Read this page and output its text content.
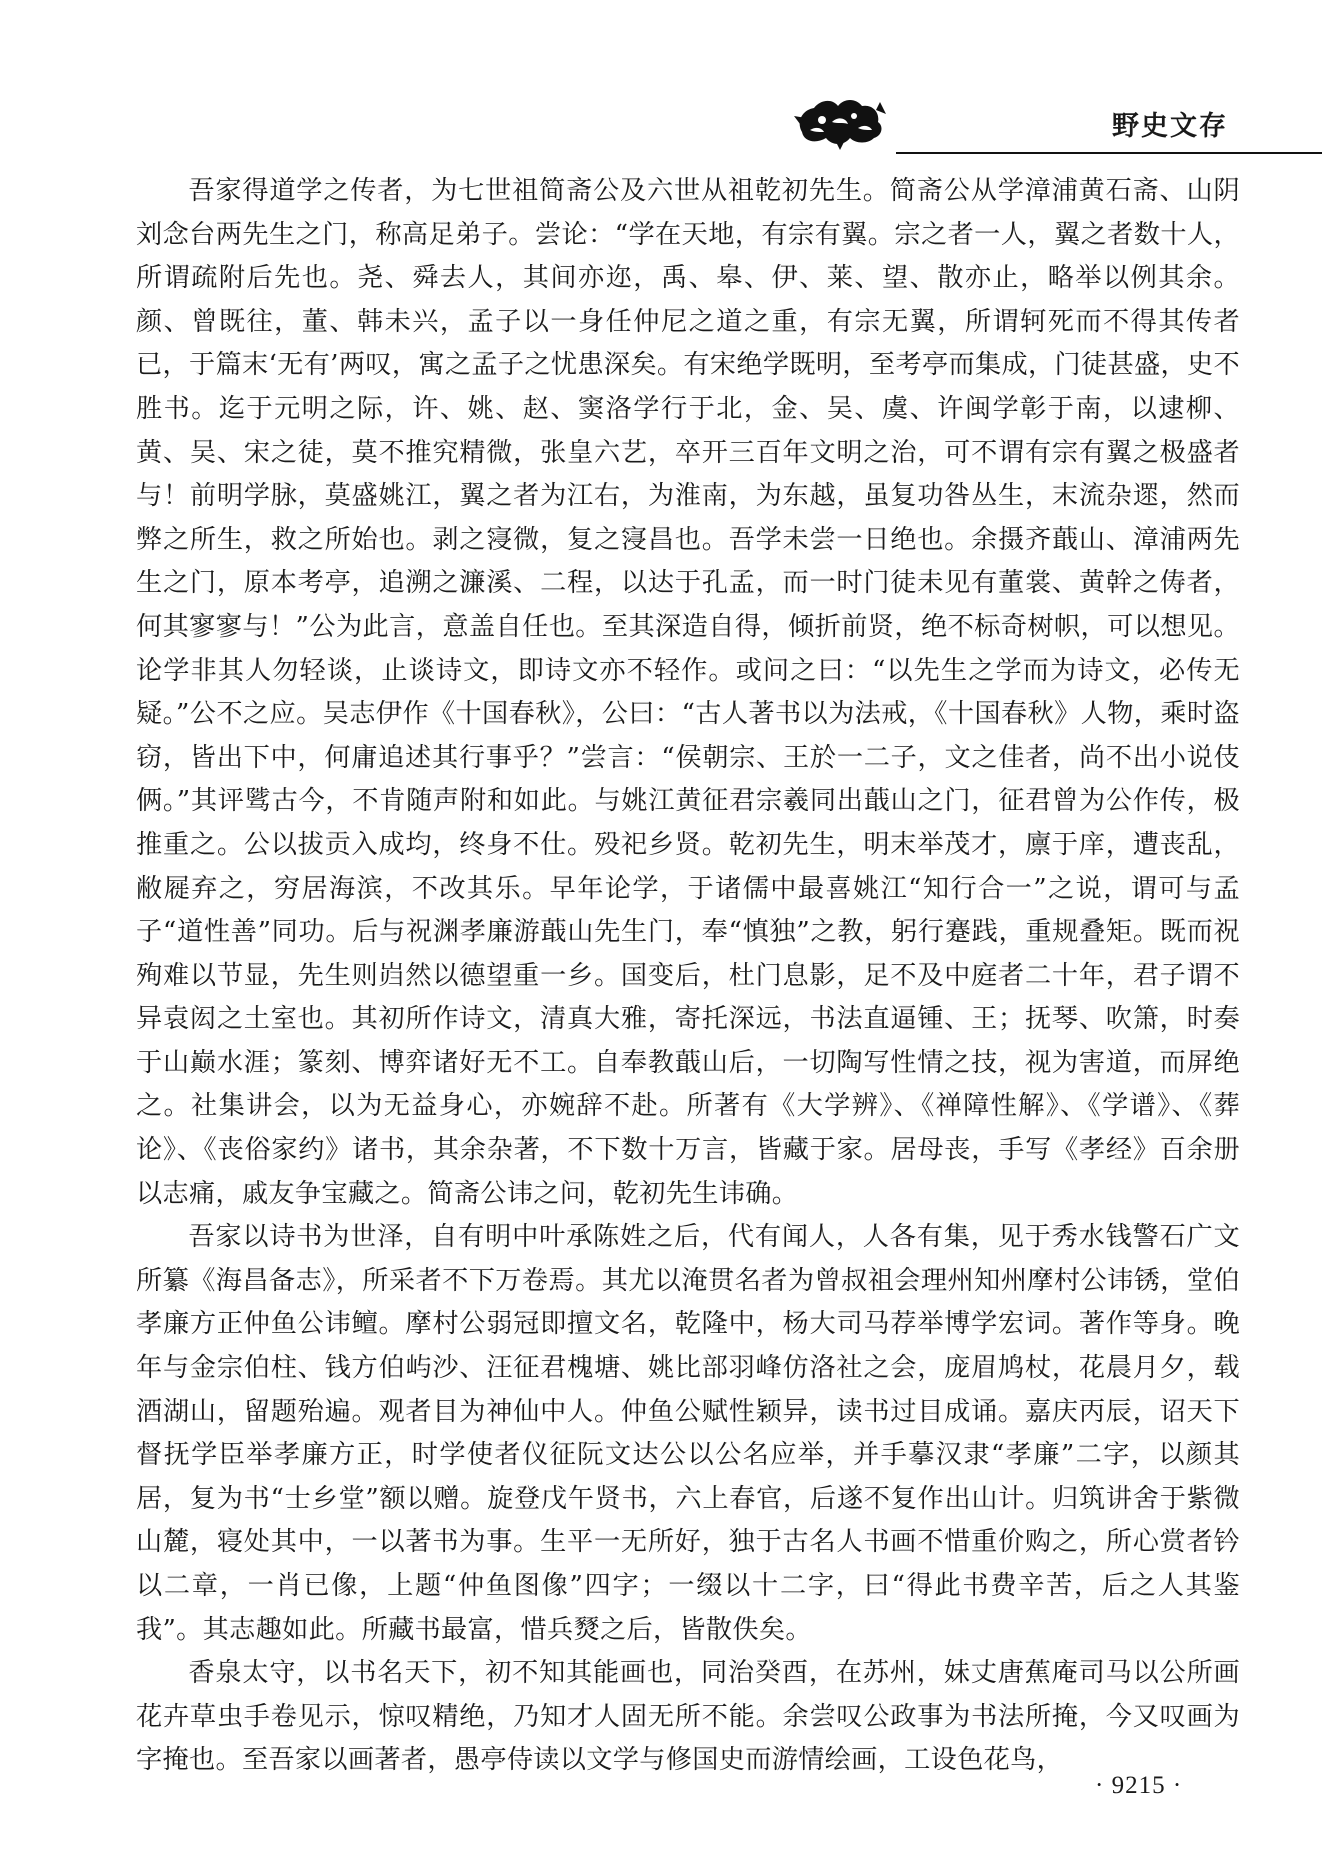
野史文存

吾家得道学之传者，为七世祖简斋公及六世从祖乾初先生。简斋公从学漳浦黄石斋、山阴刘念台两先生之门，称高足弟子。尝论：“学在天地，有宗有翼。宗之者一人，翼之者数十人，所谓疏附后先也。尧、舜去人，其间亦迩，禹、皋、伊、莱、望、散亦止，略举以例其余。颜、曾既往，董、韩未兴，孟子以一身任仲尼之道之重，有宗无翼，所谓轲死而不得其传者已，于篇末‘无有’两叹，寓之孟子之忧患深矣。有宋绝学既明，至考亭而集成，门徒甚盛，史不胜书。迄于元明之际，许、姚、赵、窦洛学行于北，金、吴、虞、许闽学彰于南，以逮柳、黄、吴、宋之徒，莫不推究精微，张皇六艺，卒开三百年文明之治，可不谓有宗有翼之极盛者与！前明学脉，莫盛姚江，翼之者为江右，为淮南，为东越，虽复功咎丛生，末流杂遝，然而弊之所生，救之所始也。剥之寖微，复之寖昌也。吾学未尝一日绝也。余摄齐蕺山、漳浦两先生之门，原本考亭，追溯之濂溪、二程，以达于孔孟，而一时门徒未见有董裳、黄幹之俦者，何其寥寥与！”公为此言，意盖自任也。至其深造自得，倾折前贤，绝不标奇树帜，可以想见。论学非其人勿轻谈，止谈诗文，即诗文亦不轻作。或问之曰：“以先生之学而为诗文，必传无疑。”公不之应。吴志伊作《十国春秋》，公曰：“古人著书以为法戒，《十国春秋》人物，乘时盗窃，皆出下中，何庸追述其行事乎？”尝言：“侯朝宗、王於一二子，文之佳者，尚不出小说伎俩。”其评骘古今，不肯随声附和如此。与姚江黄征君宗羲同出蕺山之门，征君曾为公作传，极推重之。公以拔贡入成均，终身不仕。殁祀乡贤。乾初先生，明末举茂才，廪于庠，遭丧乱，敝屣弃之，穷居海滨，不改其乐。早年论学，于诸儒中最喜姚江“知行合一”之说，谓可与孟子“道性善”同功。后与祝渊孝廉游蕺山先生门，奉“慎独”之教，躬行蹇践，重规叠矩。既而祝殉难以节显，先生则岿然以德望重一乡。国变后，杜门息影，足不及中庭者二十年，君子谓不异袁闳之土室也。其初所作诗文，清真大雅，寄托深远，书法直逼锺、王；抚琴、吹箫，时奏于山巅水涯；篆刻、博弈诸好无不工。自奉教蕺山后，一切陶写性情之技，视为害道，而屏绝之。社集讲会，以为无益身心，亦婉辞不赴。所著有《大学辨》、《禅障性解》、《学谱》、《葬论》、《丧俗家约》诸书，其余杂著，不下数十万言，皆藏于家。居母丧，手写《孝经》百余册以志痛，戚友争宝藏之。简斋公讳之问，乾初先生讳确。

吾家以诗书为世泽，自有明中叶承陈姓之后，代有闻人，人各有集，见于秀水钱警石广文所纂《海昌备志》，所采者不下万卷焉。其尤以淹贯名者为曾叔祖会理州知州摩村公讳锈，堂伯孝廉方正仲鱼公讳鳣。摩村公弱冠即擅文名，乾隆中，杨大司马荐举博学宏词。著作等身。晚年与金宗伯柱、钱方伯屿沙、汪征君槐塘、姚比部羽峰仿洛社之会，庞眉鸠杖，花晨月夕，载酒湖山，留题殆遍。观者目为神仙中人。仲鱼公赋性颖异，读书过目成诵。嘉庆丙辰，诏天下督抚学臣举孝廉方正，时学使者仪征阮文达公以公名应举，并手摹汉隶“孝廉”二字，以颜其居，复为书“士乡堂”额以赠。旋登戊午贤书，六上春官，后遂不复作出山计。归筑讲舍于紫微山麓，寝处其中，一以著书为事。生平一无所好，独于古名人书画不惜重价购之，所心赏者钤以二章，一肖已像，上题“仲鱼图像”四字；一缀以十二字，曰“得此书费辛苦，后之人其鉴我”。其志趣如此。所藏书最富，惜兵燹之后，皆散佚矣。

香泉太守，以书名天下，初不知其能画也，同治癸酉，在苏州，妹丈唐蕉庵司马以公所画花卉草虫手卷见示，惊叹精绝，乃知才人固无所不能。余尝叹公政事为书法所掩，今又叹画为字掩也。至吾家以画著者，愚亭侍读以文学与修国史而游情绘画，工设色花鸟，

· 9215 ·
